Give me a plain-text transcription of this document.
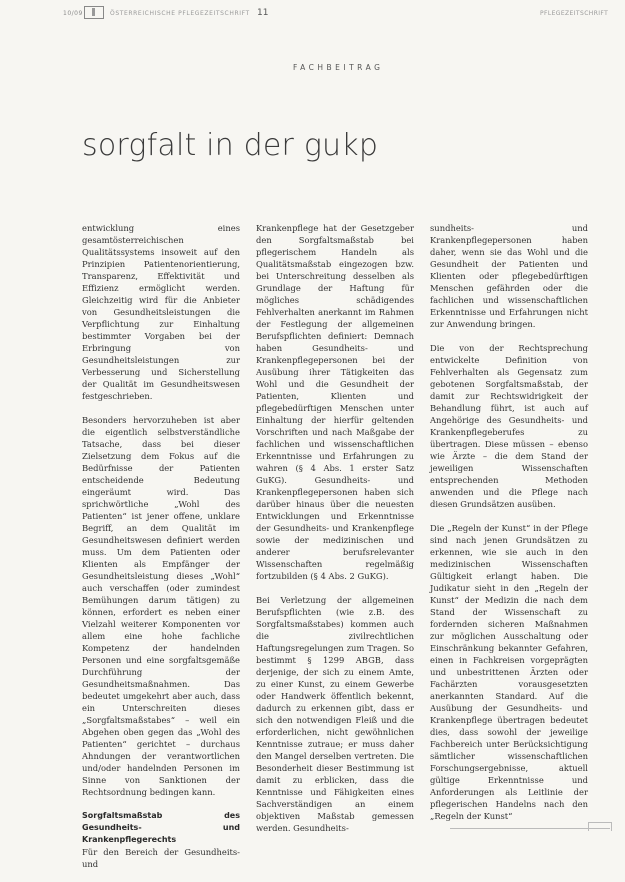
10/09	ÖSTERREICHISCHE PFLEGEZEITSCHRIFT 11	PFLEGEZEITSCHRIFT
FACHBEITRAG
sorgfalt in der gukp

entwicklung eines gesamtösterreichischen Qualitätssystems insoweit auf den Prinzipien Patientenorientierung, Transparenz, Effektivität und Effizienz ermöglicht werden. Gleichzeitig wird für die Anbieter von Gesundheitsleistungen die Verpflichtung zur Einhaltung bestimmter Vorgaben bei der Erbringung von Gesundheitsleistungen zur Verbesserung und Sicherstellung der Qualität im Gesundheitswesen festgeschrieben.

Besonders hervorzuheben ist aber die eigentlich selbstverständliche Tatsache, dass bei dieser Zielsetzung dem Fokus auf die Bedürfnisse der Patienten entscheidende Bedeutung eingeräumt wird. Das sprichwörtliche „Wohl des Patienten“ ist jener offene, unklare Begriff, an dem Qualität im Gesundheitswesen definiert werden muss. Um dem Patienten oder Klienten als Empfänger der Gesundheitsleistung dieses „Wohl“ auch verschaffen (oder zumindest Bemühungen darum tätigen) zu können, erfordert es neben einer Vielzahl weiterer Komponenten vor allem eine hohe fachliche Kompetenz der handelnden Personen und eine sorgfaltsgemäße Durchführung der Gesundheitsmaßnahmen. Das bedeutet umgekehrt aber auch, dass ein Unterschreiten dieses „Sorgfaltsmaßstabes“ – weil ein Abgehen oben gegen das „Wohl des Patienten“ gerichtet – durchaus Ahndungen der verantwortlichen und/oder handelnden Personen im Sinne von Sanktionen der Rechtsordnung bedingen kann.

Sorgfaltsmaßstab des Gesundheits- und Krankenpflegerechts

Für den Bereich der Gesundheits- und

Krankenpflege hat der Gesetzgeber den Sorgfaltsmaßstab bei pflegerischem Handeln als Qualitätsmaßstab eingezogen bzw. bei Unterschreitung desselben als Grundlage der Haftung für mögliches schädigendes Fehlverhalten anerkannt im Rahmen der Festlegung der allgemeinen Berufspflichten definiert: Demnach haben Gesundheits- und Krankenpflegepersonen bei der Ausübung ihrer Tätigkeiten das Wohl und die Gesundheit der Patienten, Klienten und pflegebedürftigen Menschen unter Einhaltung der hierfür geltenden Vorschriften und nach Maßgabe der fachlichen und wissenschaftlichen Erkenntnisse und Erfahrungen zu wahren (§ 4 Abs. 1 erster Satz GuKG). Gesundheits- und Krankenpflegepersonen haben sich darüber hinaus über die neuesten Entwicklungen und Erkenntnisse der Gesundheits- und Krankenpflege sowie der medizinischen und anderer berufsrelevanter Wissenschaften regelmäßig fortzubilden (§ 4 Abs. 2 GuKG).

Bei Verletzung der allgemeinen Berufspflichten (wie z.B. des Sorgfaltsmaßstabes) kommen auch die zivilrechtlichen Haftungsregelungen zum Tragen. So bestimmt § 1299 ABGB, dass derjenige, der sich zu einem Amte, zu einer Kunst, zu einem Gewerbe oder Handwerk öffentlich bekennt, dadurch zu erkennen gibt, dass er sich den notwendigen Fleiß und die erforderlichen, nicht gewöhnlichen Kenntnisse zutraue; er muss daher den Mangel derselben vertreten. Die Besonderheit dieser Bestimmung ist damit zu erblicken, dass die Kenntnisse und Fähigkeiten eines Sachverständigen an einem objektiven Maßstab gemessen werden. Gesundheits-

sundheits- und Krankenpflegepersonen haben daher, wenn sie das Wohl und die Gesundheit der Patienten und Klienten oder pflegebedürftigen Menschen gefährden oder die fachlichen und wissenschaftlichen Erkenntnisse und Erfahrungen nicht zur Anwendung bringen.

Die von der Rechtsprechung entwickelte Definition von Fehlverhalten als Gegensatz zum gebotenen Sorgfaltsmaßstab, der damit zur Rechtswidrigkeit der Behandlung führt, ist auch auf Angehörige des Gesundheits- und Krankenpflegeberufes zu übertragen. Diese müssen – ebenso wie Ärzte – die dem Stand der jeweiligen Wissenschaften entsprechenden Methoden anwenden und die Pflege nach diesen Grundsätzen ausüben.

Die „Regeln der Kunst“ in der Pflege sind nach jenen Grundsätzen zu erkennen, wie sie auch in den medizinischen Wissenschaften Gültigkeit erlangt haben. Die Judikatur sieht in den „Regeln der Kunst“ der Medizin die nach dem Stand der Wissenschaft zu fordernden sicheren Maßnahmen zur möglichen Ausschaltung oder Einschränkung bekannter Gefahren, einen in Fachkreisen vorgeprägten und unbestrittenen Ärzten oder Fachärzten vorausgesetzten anerkannten Standard. Auf die Ausübung der Gesundheits- und Krankenpflege übertragen bedeutet dies, dass sowohl der jeweilige Fachbereich unter Berücksichtigung sämtlicher wissenschaftlichen Forschungsergebnisse, aktuell gültige Erkenntnisse und Anforderungen als Leitlinie der pflegerischen Handelns nach den „Regeln der Kunst“
